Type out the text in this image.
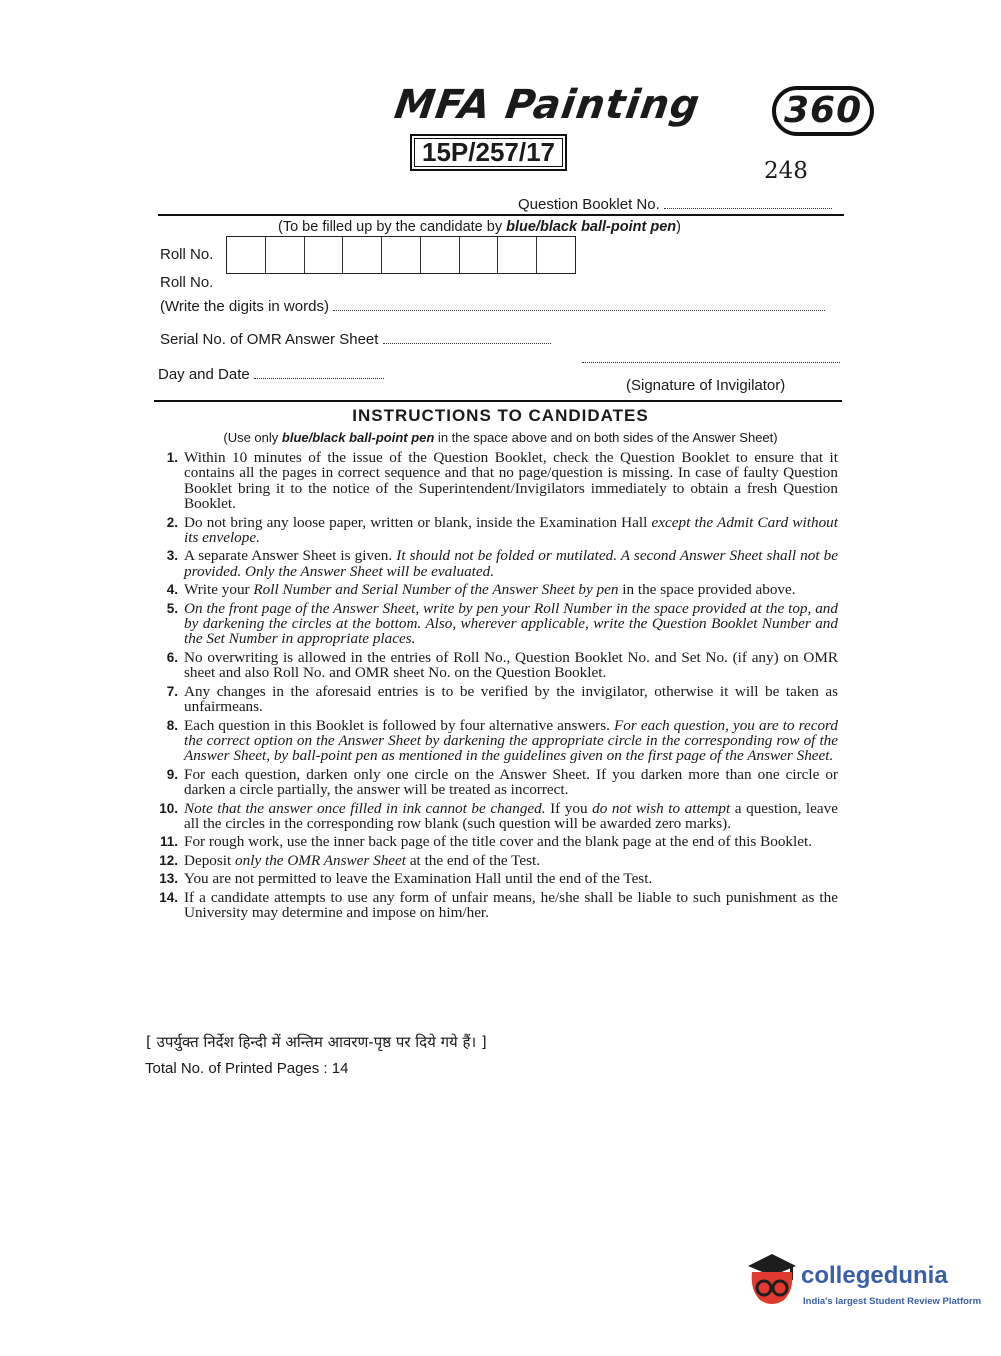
MFA Painting	360
15P/257/17
248
Question Booklet No.
(To be filled up by the candidate by blue/black ball-point pen)
Roll No.
Roll No.
(Write the digits in words)
Serial No. of OMR Answer Sheet
Day and Date
(Signature of Invigilator)
INSTRUCTIONS TO CANDIDATES
(Use only blue/black ball-point pen in the space above and on both sides of the Answer Sheet)
1. Within 10 minutes of the issue of the Question Booklet, check the Question Booklet to ensure that it contains all the pages in correct sequence and that no page/question is missing. In case of faulty Question Booklet bring it to the notice of the Superintendent/Invigilators immediately to obtain a fresh Question Booklet.
2. Do not bring any loose paper, written or blank, inside the Examination Hall except the Admit Card without its envelope.
3. A separate Answer Sheet is given. It should not be folded or mutilated. A second Answer Sheet shall not be provided. Only the Answer Sheet will be evaluated.
4. Write your Roll Number and Serial Number of the Answer Sheet by pen in the space provided above.
5. On the front page of the Answer Sheet, write by pen your Roll Number in the space provided at the top, and by darkening the circles at the bottom. Also, wherever applicable, write the Question Booklet Number and the Set Number in appropriate places.
6. No overwriting is allowed in the entries of Roll No., Question Booklet No. and Set No. (if any) on OMR sheet and also Roll No. and OMR sheet No. on the Question Booklet.
7. Any changes in the aforesaid entries is to be verified by the invigilator, otherwise it will be taken as unfairmeans.
8. Each question in this Booklet is followed by four alternative answers. For each question, you are to record the correct option on the Answer Sheet by darkening the appropriate circle in the corresponding row of the Answer Sheet, by ball-point pen as mentioned in the guidelines given on the first page of the Answer Sheet.
9. For each question, darken only one circle on the Answer Sheet. If you darken more than one circle or darken a circle partially, the answer will be treated as incorrect.
10. Note that the answer once filled in ink cannot be changed. If you do not wish to attempt a question, leave all the circles in the corresponding row blank (such question will be awarded zero marks).
11. For rough work, use the inner back page of the title cover and the blank page at the end of this Booklet.
12. Deposit only the OMR Answer Sheet at the end of the Test.
13. You are not permitted to leave the Examination Hall until the end of the Test.
14. If a candidate attempts to use any form of unfair means, he/she shall be liable to such punishment as the University may determine and impose on him/her.
[ उपर्युक्त निर्देश हिन्दी में अन्तिम आवरण-पृष्ठ पर दिये गये हैं। ]
Total No. of Printed Pages : 14
collegedunia
India's largest Student Review Platform
